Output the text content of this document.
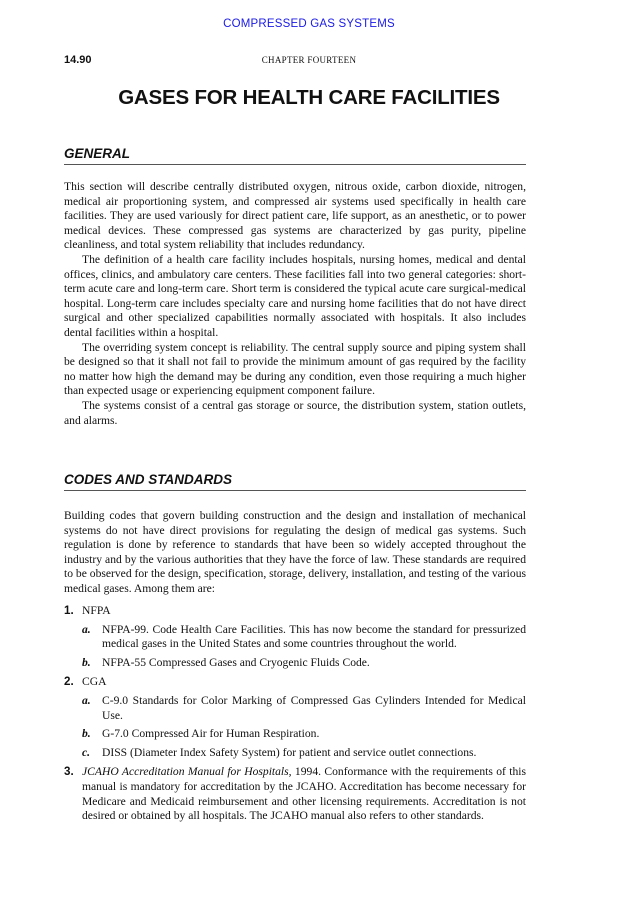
COMPRESSED GAS SYSTEMS
14.90	CHAPTER FOURTEEN
GASES FOR HEALTH CARE FACILITIES
GENERAL

This section will describe centrally distributed oxygen, nitrous oxide, carbon dioxide, nitrogen, medical air proportioning system, and compressed air systems used specifically in health care facilities. They are used variously for direct patient care, life support, as an anesthetic, or to power medical devices. These compressed gas systems are characterized by gas purity, pipeline cleanliness, and total system reliability that includes redundancy.

The definition of a health care facility includes hospitals, nursing homes, medical and dental offices, clinics, and ambulatory care centers. These facilities fall into two general categories: short-term acute care and long-term care. Short term is considered the typical acute care surgical-medical hospital. Long-term care includes specialty care and nursing home facilities that do not have direct surgical and other specialized capabilities normally associated with hospitals. It also includes dental facilities within a hospital.

The overriding system concept is reliability. The central supply source and piping system shall be designed so that it shall not fail to provide the minimum amount of gas required by the facility no matter how high the demand may be during any condition, even those requiring a much higher than expected usage or experiencing equipment component failure.

The systems consist of a central gas storage or source, the distribution system, station outlets, and alarms.

CODES AND STANDARDS
Building codes that govern building construction and the design and installation of mechanical systems do not have direct provisions for regulating the design of medical gas systems. Such regulation is done by reference to standards that have been so widely accepted throughout the industry and by the various authorities that they have the force of law. These standards are required to be observed for the design, specification, storage, delivery, installation, and testing of the various medical gases. Among them are:
1. NFPA
a. NFPA-99. Code Health Care Facilities. This has now become the standard for pressurized medical gases in the United States and some countries throughout the world.
b. NFPA-55 Compressed Gases and Cryogenic Fluids Code.
2. CGA
a. C-9.0 Standards for Color Marking of Compressed Gas Cylinders Intended for Medical Use.
b. G-7.0 Compressed Air for Human Respiration.
c. DISS (Diameter Index Safety System) for patient and service outlet connections.
3. JCAHO Accreditation Manual for Hospitals, 1994. Conformance with the requirements of this manual is mandatory for accreditation by the JCAHO. Accreditation has become necessary for Medicare and Medicaid reimbursement and other licensing requirements. Accreditation is not desired or obtained by all hospitals. The JCAHO manual also refers to other standards.
